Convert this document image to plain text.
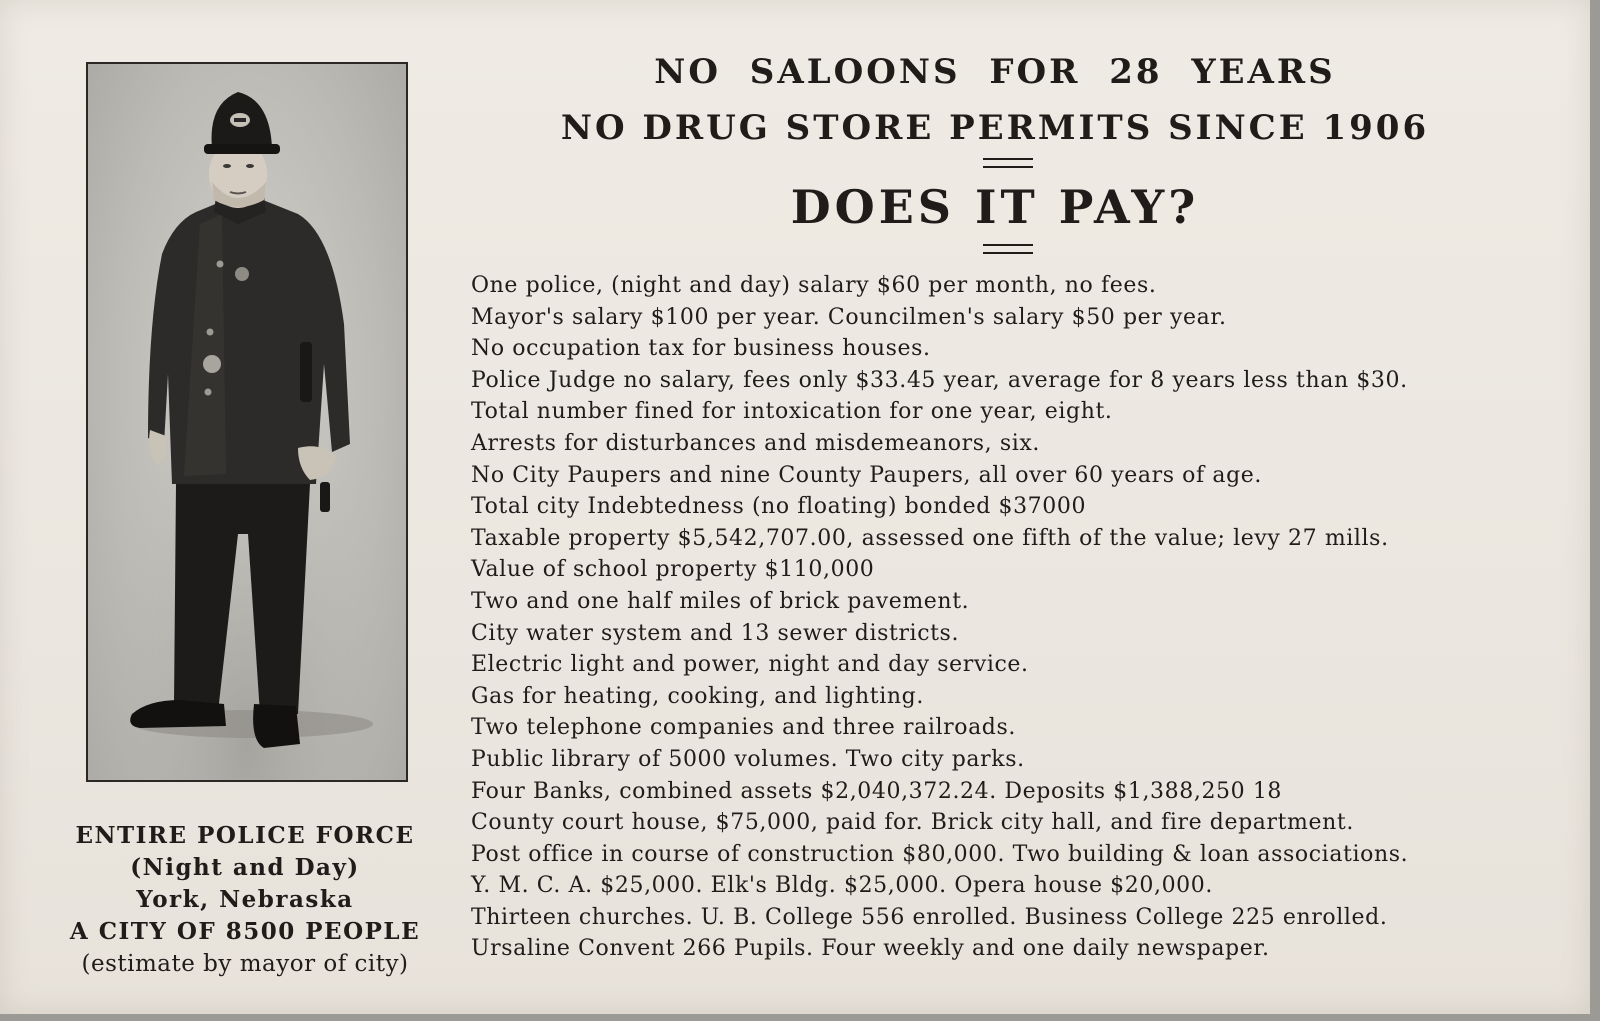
ENTIRE POLICE FORCE
(Night and Day)
York, Nebraska
A CITY OF 8500 PEOPLE
(estimate by mayor of city)
NO SALOONS FOR 28 YEARS
NO DRUG STORE PERMITS SINCE 1906
DOES IT PAY?
One police, (night and day) salary $60 per month, no fees.
Mayor's salary $100 per year. Councilmen's salary $50 per year.
No occupation tax for business houses.
Police Judge no salary, fees only $33.45 year, average for 8 years less than $30.
Total number fined for intoxication for one year, eight.
Arrests for disturbances and misdemeanors, six.
No City Paupers and nine County Paupers, all over 60 years of age.
Total city Indebtedness (no floating) bonded $37000
Taxable property $5,542,707.00, assessed one fifth of the value; levy 27 mills.
Value of school property $110,000
Two and one half miles of brick pavement.
City water system and 13 sewer districts.
Electric light and power, night and day service.
Gas for heating, cooking, and lighting.
Two telephone companies and three railroads.
Public library of 5000 volumes. Two city parks.
Four Banks, combined assets $2,040,372.24. Deposits $1,388,250 18
County court house, $75,000, paid for. Brick city hall, and fire department.
Post office in course of construction $80,000. Two building & loan associations.
Y. M. C. A. $25,000. Elk's Bldg. $25,000. Opera house $20,000.
Thirteen churches. U. B. College 556 enrolled. Business College 225 enrolled.
Ursaline Convent 266 Pupils. Four weekly and one daily newspaper.
